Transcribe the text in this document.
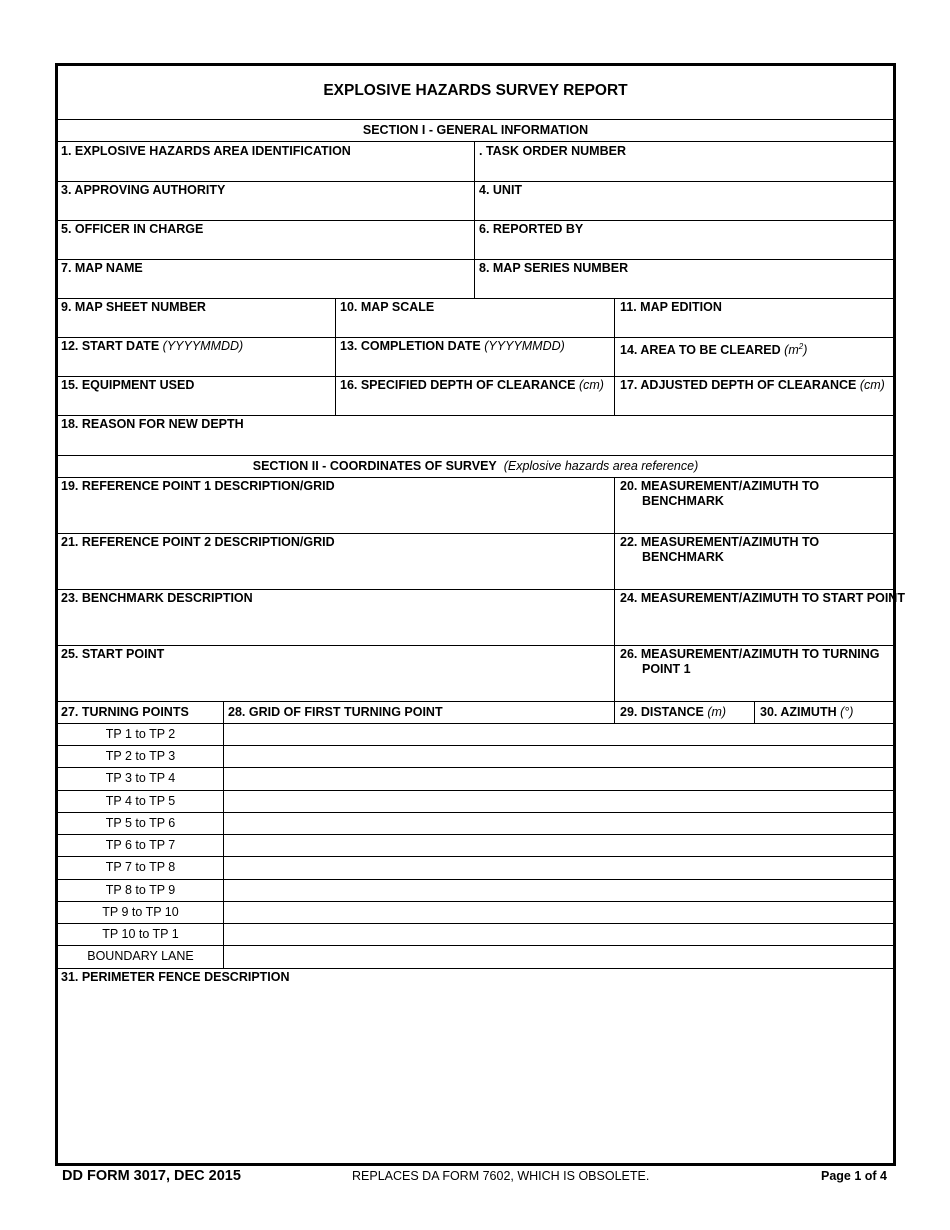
EXPLOSIVE HAZARDS SURVEY REPORT
SECTION I - GENERAL INFORMATION
SECTION II - COORDINATES OF SURVEY (Explosive hazards area reference)
1. EXPLOSIVE HAZARDS AREA IDENTIFICATION	. TASK ORDER NUMBER
3. APPROVING AUTHORITY	4. UNIT
5. OFFICER IN CHARGE	6. REPORTED BY
7. MAP NAME	8. MAP SERIES NUMBER
9. MAP SHEET NUMBER	10. MAP SCALE	11. MAP EDITION
12. START DATE (YYYYMMDD)	13. COMPLETION DATE (YYYYMMDD)	14. AREA TO BE CLEARED $(m^2)$
15. EQUIPMENT USED	16. SPECIFIED DEPTH OF CLEARANCE (cm) 17. ADJUSTED DEPTH OF CLEARANCE (cm)
18. REASON FOR NEW DEPTH
19. REFERENCE POINT 1 DESCRIPTION/GRID	20. MEASUREMENT/AZIMUTH TO BENCHMARK
21. REFERENCE POINT 2 DESCRIPTION/GRID	22. MEASUREMENT/AZIMUTH TO BENCHMARK
23. BENCHMARK DESCRIPTION	24. MEASUREMENT/AZIMUTH TO START POINT
25. START POINT	26. MEASUREMENT/AZIMUTH TO TURNING POINT 1
27. TURNING POINTS	28. GRID OF FIRST TURNING POINT	29. DISTANCE (m)	30. AZIMUTH (°)
TP 1 to TP 2
TP 2 to TP 3
TP 3 to TP 4
TP 4 to TP 5
TP 5 to TP 6
TP 6 to TP 7
TP 7 to TP 8
TP 8 to TP 9
TP 9 to TP 10
TP 10 to TP 1
BOUNDARY LANE
31. PERIMETER FENCE DESCRIPTION
DD FORM 3017, DEC 2015	REPLACES DA FORM 7602, WHICH IS OBSOLETE.	Page 1 of 4
